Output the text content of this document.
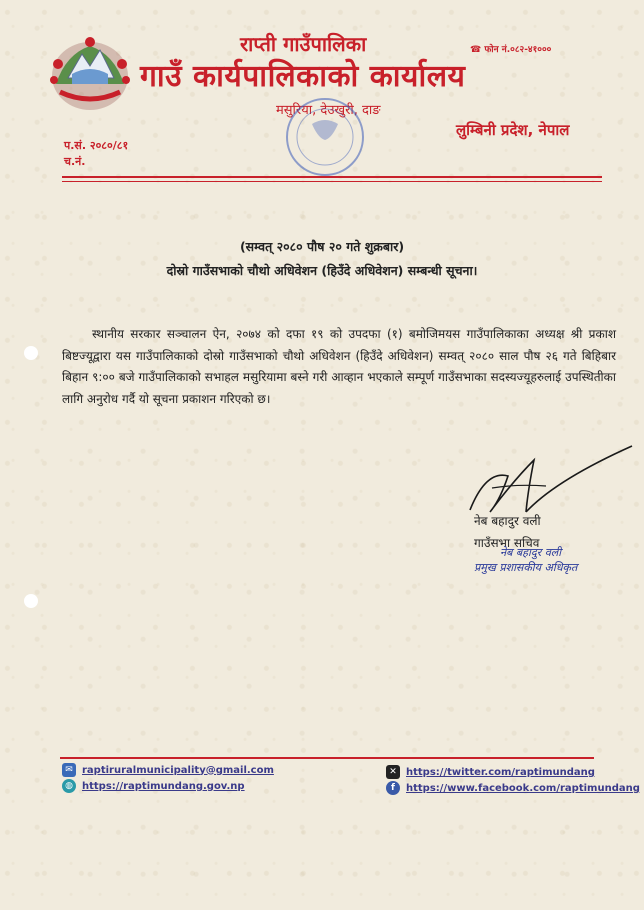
राप्ती गाउँपालिका
गाउँ कार्यपालिकाको कार्यालय
मसुरिया, देउखुरी, दाङ
☎ फोन नं.०८२-४१०००
लुम्बिनी प्रदेश, नेपाल
प.सं. २०८०/८१
च.नं.
(सम्वत् २०८० पौष २० गते शुक्रबार)
दोस्रो गाउँसभाको चौथो अधिवेशन (हिउँदे अधिवेशन) सम्बन्धी सूचना।
स्थानीय सरकार सञ्चालन ऐन, २०७४ को दफा १९ को उपदफा (१) बमोजिमयस गाउँपालिकाका अध्यक्ष श्री प्रकाश बिष्टज्यूद्वारा यस गाउँपालिकाको दोस्रो गाउँसभाको चौथो अधिवेशन (हिउँदे अधिवेशन) सम्वत् २०८० साल पौष २६ गते बिहिबार बिहान ९:०० बजे गाउँपालिकाको सभाहल मसुरियामा बस्ने गरी आव्हान भएकाले सम्पूर्ण गाउँसभाका सदस्यज्यूहरुलाई उपस्थितीका लागि अनुरोध गर्दै यो सूचना प्रकाशन गरिएको छ।
नेब बहादुर वली
गाउँसभा सचिव
नेब बहादुर वली
प्रमुख प्रशासकीय अधिकृत
✉ raptiruralmunicipality@gmail.com
◍ https://raptimundang.gov.np
✕ https://twitter.com/raptimundang
f	https://www.facebook.com/raptimundang
